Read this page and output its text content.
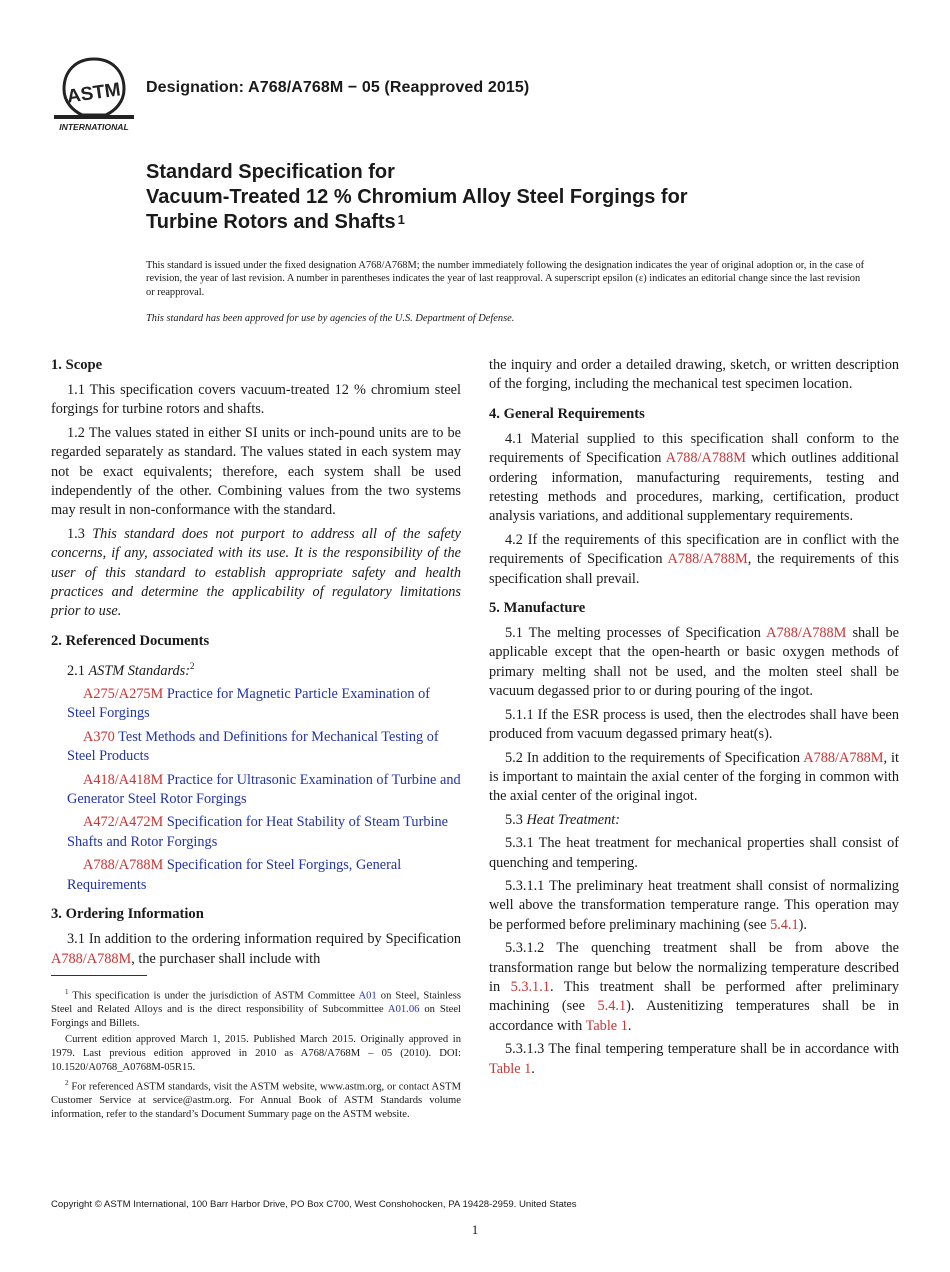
ASTM
INTERNATIONAL
Designation: A768/A768M − 05 (Reapproved 2015)
Standard Specification for
Vacuum-Treated 12 % Chromium Alloy Steel Forgings for
Turbine Rotors and Shafts $^1$

This standard is issued under the fixed designation A768/A768M; the number immediately following the designation indicates the year of original adoption or, in the case of revision, the year of last revision. A number in parentheses indicates the year of last reapproval. A superscript epsilon (ε) indicates an editorial change since the last revision or reapproval.

This standard has been approved for use by agencies of the U.S. Department of Defense.

1. Scope

1.1 This specification covers vacuum-treated 12 % chromium steel forgings for turbine rotors and shafts.

1.2 The values stated in either SI units or inch-pound units are to be regarded separately as standard. The values stated in each system may not be exact equivalents; therefore, each system shall be used independently of the other. Combining values from the two systems may result in non-conformance with the standard.

1.3 This standard does not purport to address all of the safety concerns, if any, associated with its use. It is the responsibility of the user of this standard to establish appropriate safety and health practices and determine the applicability of regulatory limitations prior to use.

2. Referenced Documents

2.1 ASTM Standards:$^2$

A275/A275M Practice for Magnetic Particle Examination of Steel Forgings

A370 Test Methods and Definitions for Mechanical Testing of Steel Products

A418/A418M Practice for Ultrasonic Examination of Turbine and Generator Steel Rotor Forgings

A472/A472M Specification for Heat Stability of Steam Turbine Shafts and Rotor Forgings

A788/A788M Specification for Steel Forgings, General Requirements

3. Ordering Information

3.1 In addition to the ordering information required by Specification A788/A788M, the purchaser shall include with

$^1$ This specification is under the jurisdiction of ASTM Committee A01 on Steel, Stainless Steel and Related Alloys and is the direct responsibility of Subcommittee A01.06 on Steel Forgings and Billets.

Current edition approved March 1, 2015. Published March 2015. Originally approved in 1979. Last previous edition approved in 2010 as A768/A768M – 05 (2010). DOI: 10.1520/A0768_A0768M-05R15.

$^2$ For referenced ASTM standards, visit the ASTM website, www.astm.org, or contact ASTM Customer Service at service@astm.org. For Annual Book of ASTM Standards volume information, refer to the standard’s Document Summary page on the ASTM website.

the inquiry and order a detailed drawing, sketch, or written description of the forging, including the mechanical test specimen location.

4. General Requirements

4.1 Material supplied to this specification shall conform to the requirements of Specification A788/A788M which outlines additional ordering information, manufacturing requirements, testing and retesting methods and procedures, marking, certification, product analysis variations, and additional supplementary requirements.

4.2 If the requirements of this specification are in conflict with the requirements of Specification A788/A788M, the requirements of this specification shall prevail.

5. Manufacture

5.1 The melting processes of Specification A788/A788M shall be applicable except that the open-hearth or basic oxygen methods of primary melting shall not be used, and the molten steel shall be vacuum degassed prior to or during pouring of the ingot.

5.1.1 If the ESR process is used, then the electrodes shall have been produced from vacuum degassed primary heat(s).

5.2 In addition to the requirements of Specification A788/A788M, it is important to maintain the axial center of the forging in common with the axial center of the original ingot.

5.3 Heat Treatment:

5.3.1 The heat treatment for mechanical properties shall consist of quenching and tempering.

5.3.1.1 The preliminary heat treatment shall consist of normalizing well above the transformation temperature range. This operation may be performed before preliminary machining (see 5.4.1).

5.3.1.2 The quenching treatment shall be from above the transformation range but below the normalizing temperature described in 5.3.1.1. This treatment shall be performed after preliminary machining (see 5.4.1). Austenitizing temperatures shall be in accordance with Table 1.

5.3.1.3 The final tempering temperature shall be in accordance with Table 1.

Copyright © ASTM International, 100 Barr Harbor Drive, PO Box C700, West Conshohocken, PA 19428-2959. United States
1
